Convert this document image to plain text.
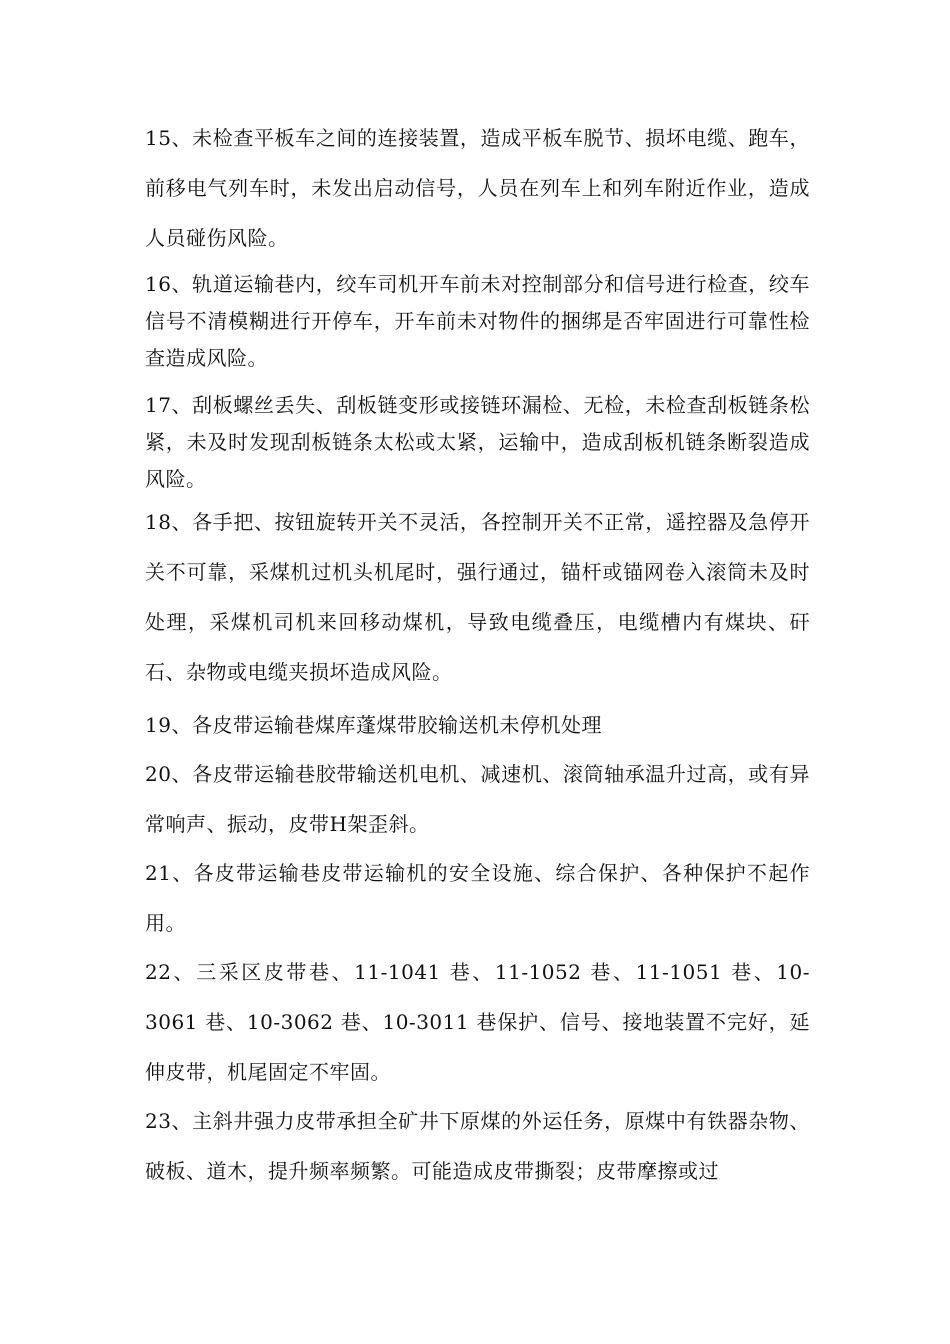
15、未检查平板车之间的连接装置，造成平板车脱节、损坏电缆、跑车，前移电气列车时，未发出启动信号，人员在列车上和列车附近作业，造成人员碰伤风险。

16、轨道运输巷内，绞车司机开车前未对控制部分和信号进行检查，绞车信号不清模糊进行开停车，开车前未对物件的捆绑是否牢固进行可靠性检查造成风险。

17、刮板螺丝丢失、刮板链变形或接链环漏检、无检，未检查刮板链条松紧，未及时发现刮板链条太松或太紧，运输中，造成刮板机链条断裂造成风险。

18、各手把、按钮旋转开关不灵活，各控制开关不正常，遥控器及急停开关不可靠，采煤机过机头机尾时，强行通过，锚杆或锚网卷入滚筒未及时处理，采煤机司机来回移动煤机，导致电缆叠压，电缆槽内有煤块、矸石、杂物或电缆夹损坏造成风险。

19、各皮带运输巷煤库蓬煤带胶输送机未停机处理

20、各皮带运输巷胶带输送机电机、减速机、滚筒轴承温升过高，或有异常响声、振动，皮带H架歪斜。

21、各皮带运输巷皮带运输机的安全设施、综合保护、各种保护不起作用。

22、三采区皮带巷、11-1041 巷、11-1052 巷、11-1051 巷、10-3061 巷、10-3062 巷、10-3011 巷保护、信号、接地装置不完好，延伸皮带，机尾固定不牢固。

23、主斜井强力皮带承担全矿井下原煤的外运任务，原煤中有铁器杂物、破板、道木，提升频率频繁。可能造成皮带撕裂；皮带摩擦或过
